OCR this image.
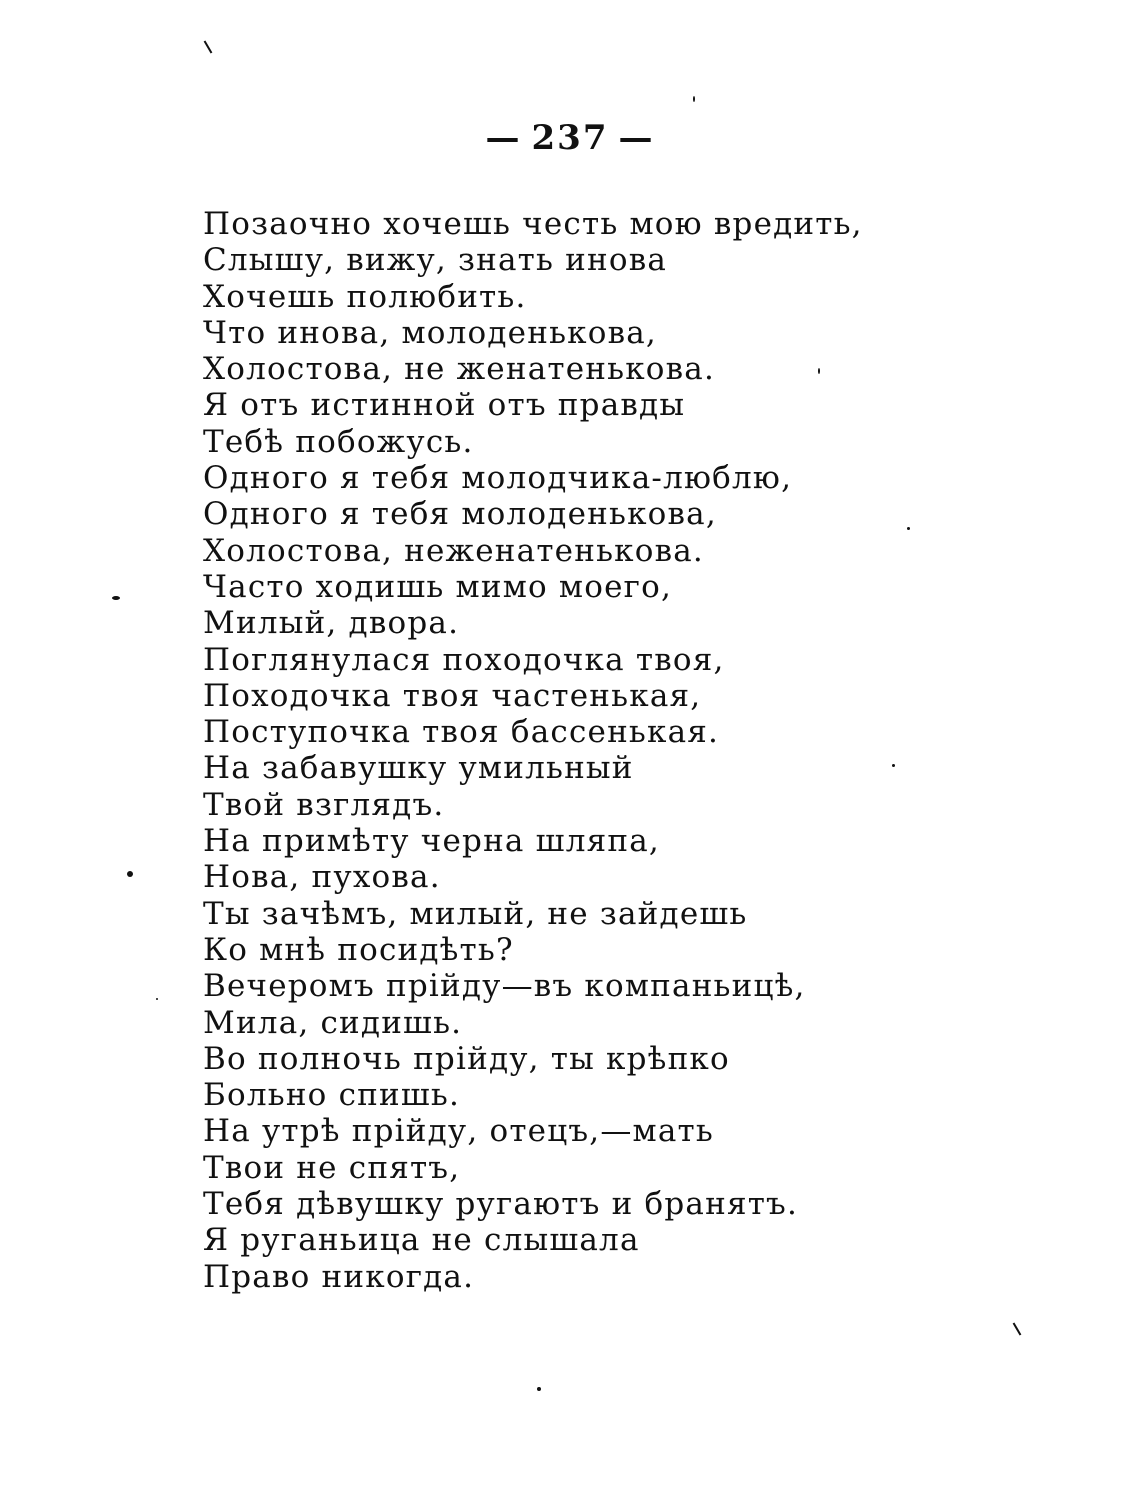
— 237 —
Позаочно хочешь честь мою вредить,
Слышу, вижу, знать инова
Хочешь полюбить.
Что инова, молоденькова,
Холостова, не женатенькова.
Я отъ истинной отъ правды
Тебѣ побожусь.
Одного я тебя молодчика-люблю,
Одного я тебя молоденькова,
Холостова, неженатенькова.
Часто ходишь мимо моего,
Милый, двора.
Поглянулася походочка твоя,
Походочка твоя частенькая,
Поступочка твоя бассенькая.
На забавушку умильный
Твой взглядъ.
На примѣту черна шляпа,
Нова, пухова.
Ты зачѣмъ, милый, не зайдешь
Ко мнѣ посидѣть?
Вечеромъ прійду—въ компаньицѣ,
Мила, сидишь.
Во полночь прійду, ты крѣпко
Больно спишь.
На утрѣ прійду, отецъ,—мать
Твои не спятъ,
Тебя дѣвушку ругаютъ и бранятъ.
Я руганьица не слышала
Право никогда.
